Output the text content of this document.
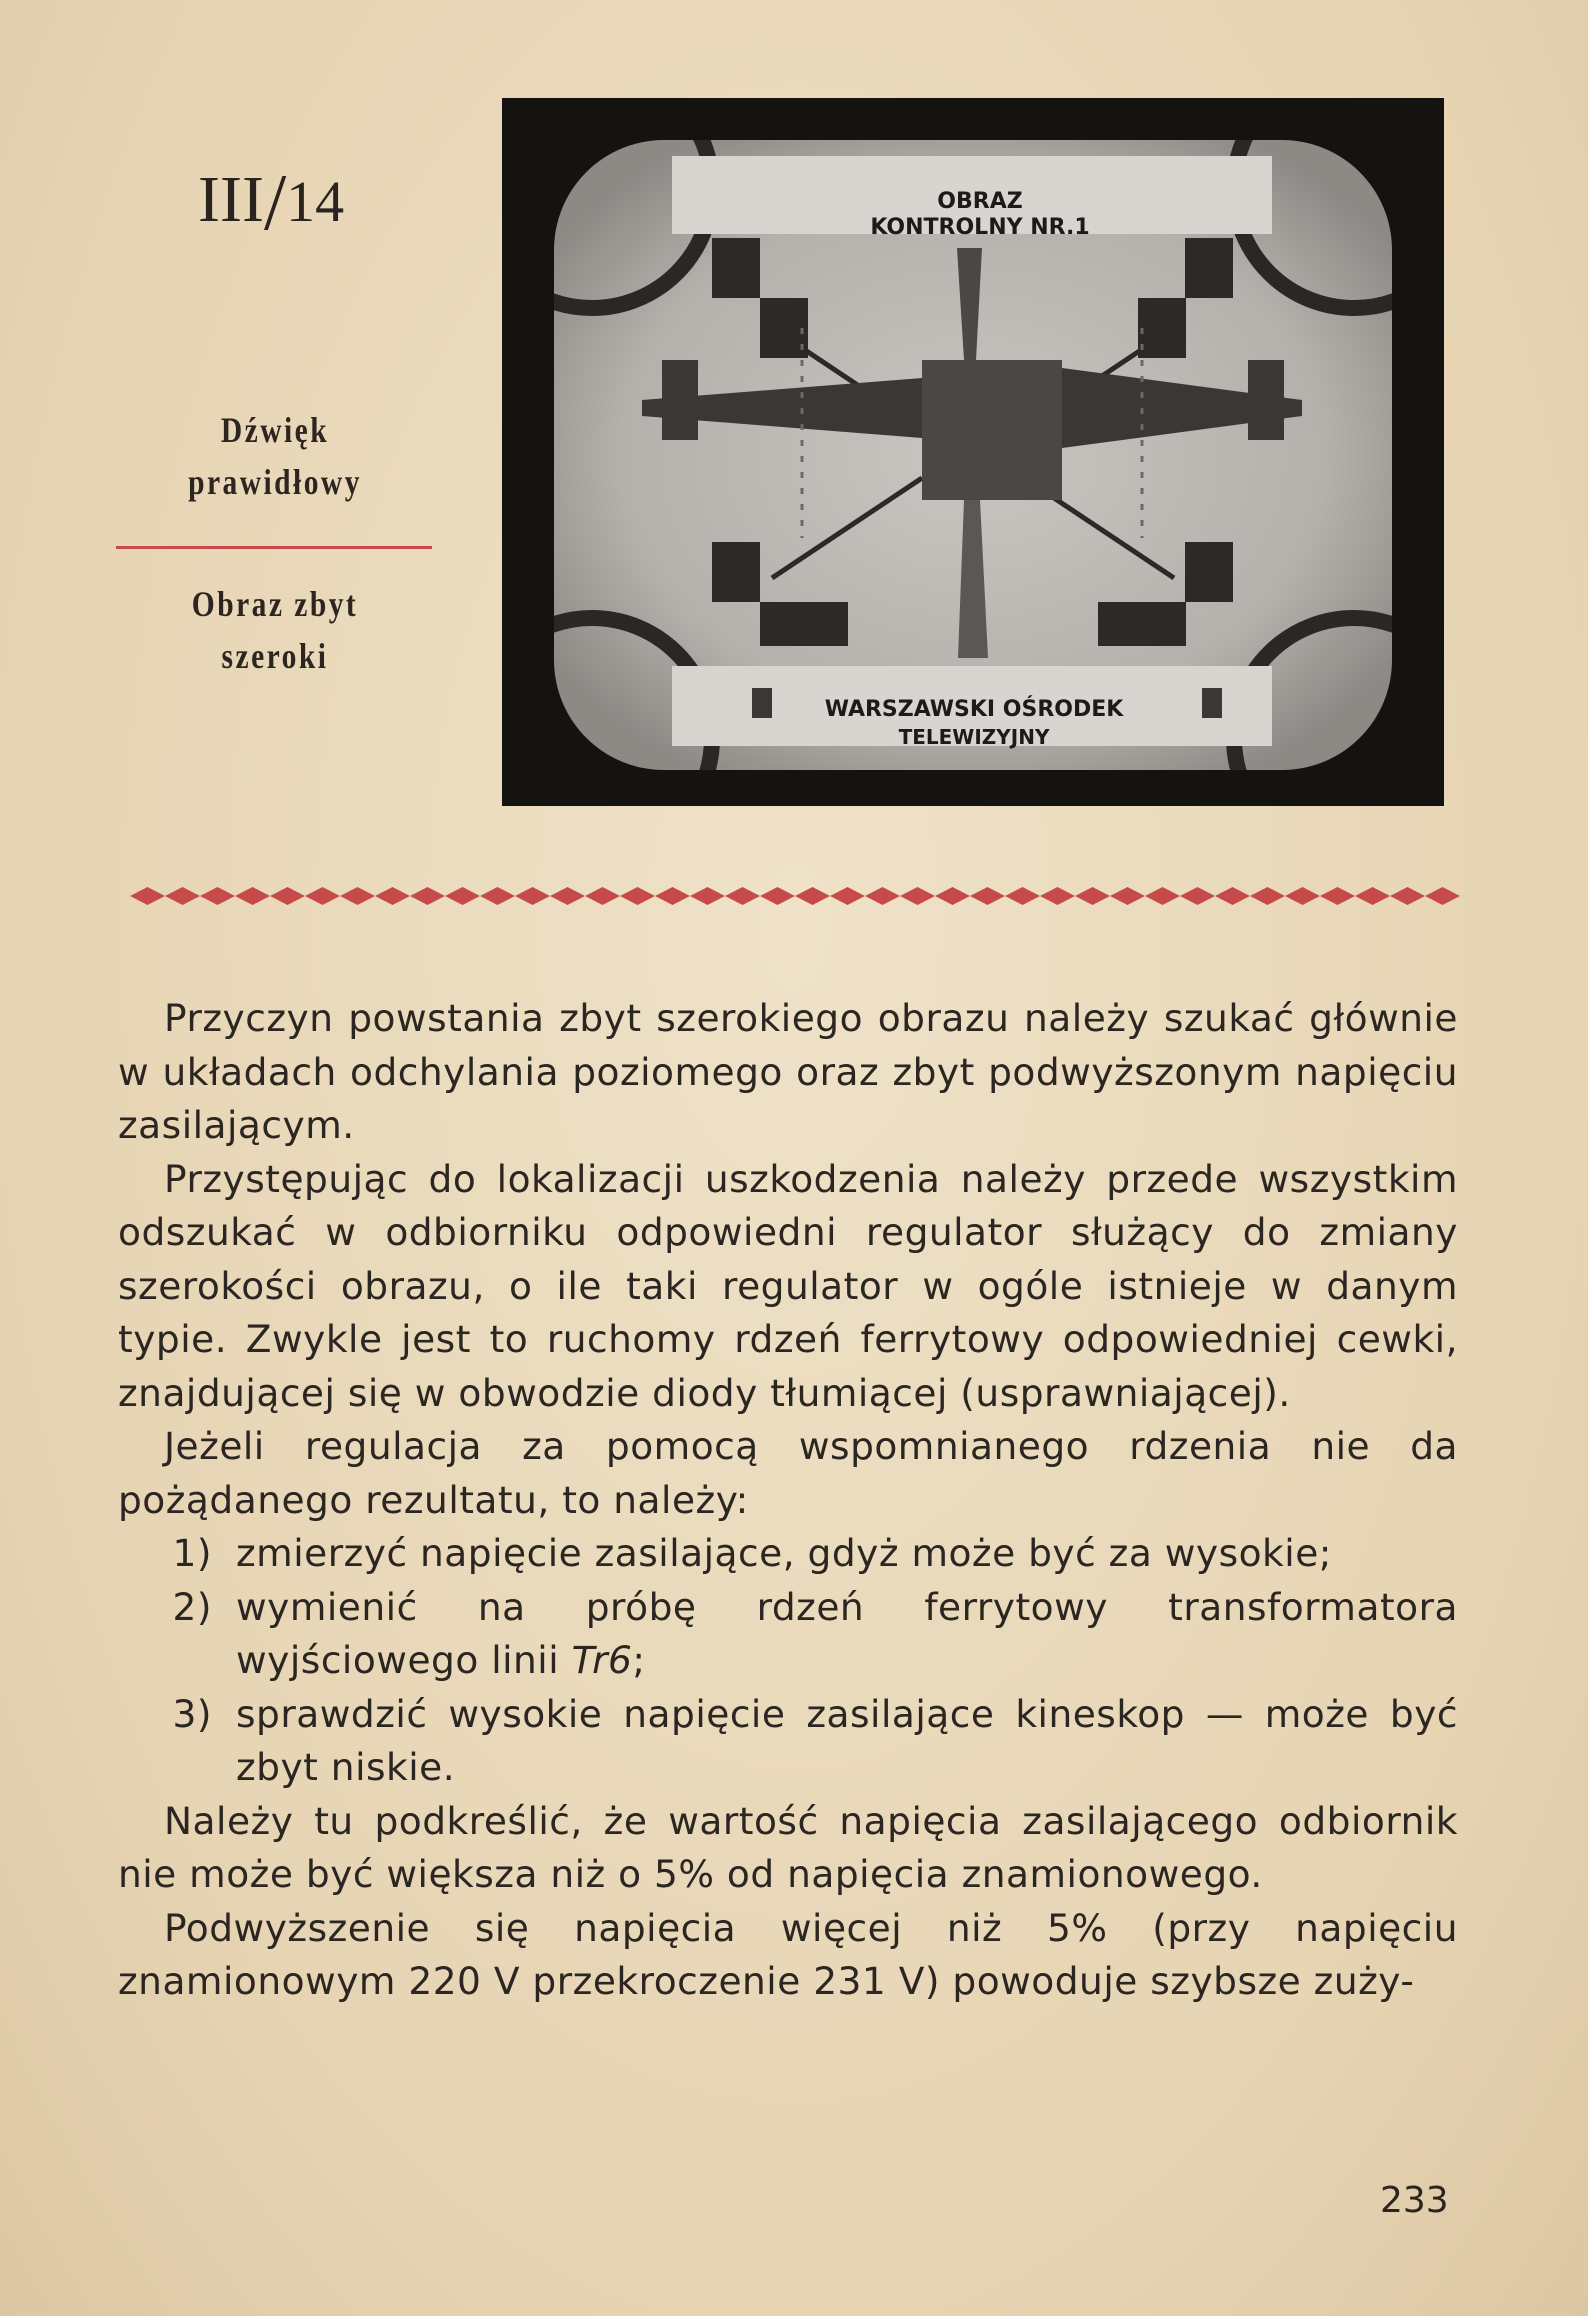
III/14
Dźwięk
prawidłowy
Obraz zbyt
szeroki
OBRAZ
KONTROLNY NR.1
WARSZAWSKI OŚRODEK
TELEWIZYJNY

Przyczyn powstania zbyt szerokiego obrazu należy szukać głównie w układach odchylania poziomego oraz zbyt podwyższonym napięciu zasilającym.

Przystępując do lokalizacji uszkodzenia należy przede wszystkim odszukać w odbiorniku odpowiedni regulator służący do zmiany szerokości obrazu, o ile taki regulator w ogóle istnieje w danym typie. Zwykle jest to ruchomy rdzeń ferrytowy odpowiedniej cewki, znajdującej się w obwodzie diody tłumiącej (usprawniającej).

Jeżeli regulacja za pomocą wspomnianego rdzenia nie da pożądanego rezultatu, to należy:

1) zmierzyć napięcie zasilające, gdyż może być za wysokie;
2) wymienić na próbę rdzeń ferrytowy transformatora wyjściowego linii Tr6;
3) sprawdzić wysokie napięcie zasilające kineskop — może być zbyt niskie.

Należy tu podkreślić, że wartość napięcia zasilającego odbiornik nie może być większa niż o 5% od napięcia znamionowego.

Podwyższenie się napięcia więcej niż 5% (przy napięciu znamionowym 220 V przekroczenie 231 V) powoduje szybsze zuży-

233
